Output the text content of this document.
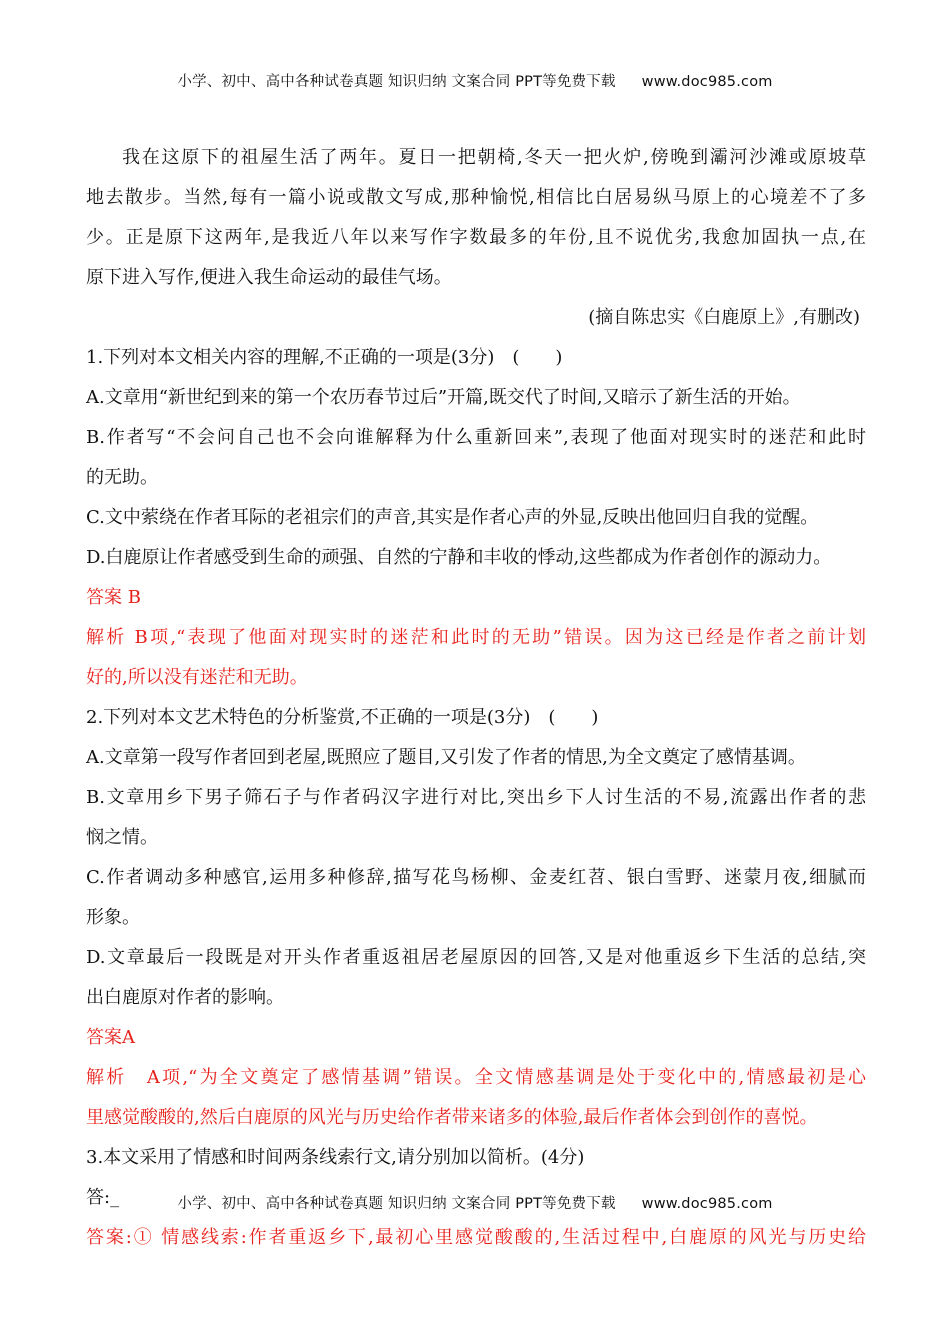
小学、初中、高中各种试卷真题 知识归纳 文案合同 PPT等免费下载 www.doc985.com
我在这原下的祖屋生活了两年。夏日一把朝椅,冬天一把火炉,傍晚到灞河沙滩或原坡草
地去散步。当然,每有一篇小说或散文写成,那种愉悦,相信比白居易纵马原上的心境差不了多
少。正是原下这两年,是我近八年以来写作字数最多的年份,且不说优劣,我愈加固执一点,在
原下进入写作,便进入我生命运动的最佳气场。
(摘自陈忠实《白鹿原上》,有删改)
1.下列对本文相关内容的理解,不正确的一项是(3分)　(　　)
A.文章用“新世纪到来的第一个农历春节过后”开篇,既交代了时间,又暗示了新生活的开始。
B.作者写“不会问自己也不会向谁解释为什么重新回来”,表现了他面对现实时的迷茫和此时
的无助。
C.文中萦绕在作者耳际的老祖宗们的声音,其实是作者心声的外显,反映出他回归自我的觉醒。
D.白鹿原让作者感受到生命的顽强、自然的宁静和丰收的悸动,这些都成为作者创作的源动力。
答案 B
解析 B项,“表现了他面对现实时的迷茫和此时的无助”错误。因为这已经是作者之前计划
好的,所以没有迷茫和无助。
2.下列对本文艺术特色的分析鉴赏,不正确的一项是(3分)　(　　)
A.文章第一段写作者回到老屋,既照应了题目,又引发了作者的情思,为全文奠定了感情基调。
B.文章用乡下男子筛石子与作者码汉字进行对比,突出乡下人讨生活的不易,流露出作者的悲
悯之情。
C.作者调动多种感官,运用多种修辞,描写花鸟杨柳、金麦红苕、银白雪野、迷蒙月夜,细腻而
形象。
D.文章最后一段既是对开头作者重返祖居老屋原因的回答,又是对他重返乡下生活的总结,突
出白鹿原对作者的影响。
答案A
解析　A项,“为全文奠定了感情基调”错误。全文情感基调是处于变化中的,情感最初是心
里感觉酸酸的,然后白鹿原的风光与历史给作者带来诸多的体验,最后作者体会到创作的喜悦。
3.本文采用了情感和时间两条线索行文,请分别加以简析。(4分)
答:_
答案:① 情感线索:作者重返乡下,最初心里感觉酸酸的,生活过程中,白鹿原的风光与历史给
小学、初中、高中各种试卷真题 知识归纳 文案合同 PPT等免费下载 www.doc985.com
